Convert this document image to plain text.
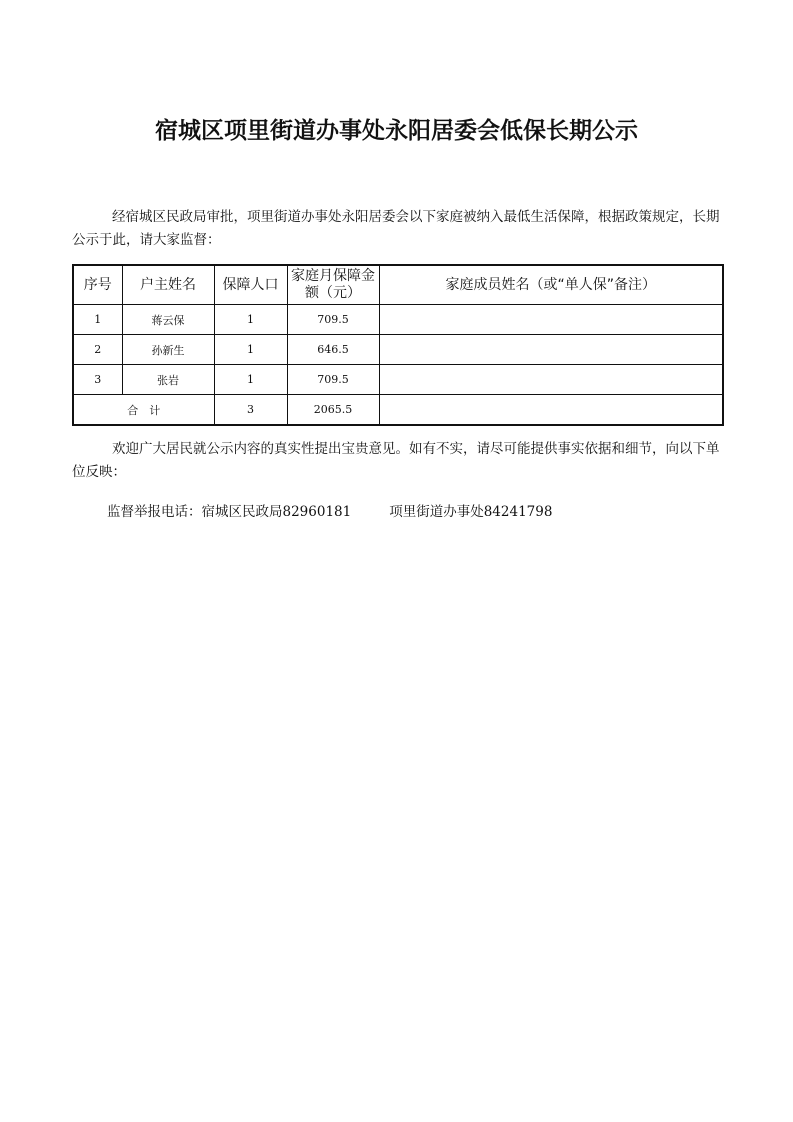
宿城区项里街道办事处永阳居委会低保长期公示

经宿城区民政局审批，项里街道办事处永阳居委会以下家庭被纳入最低生活保障，根据政策规定，长期公示于此，请大家监督：

序号	户主姓名	保障人口	家庭月保障金额（元）	家庭成员姓名（或“单人保”备注）
1	蒋云保	1	709.5	
2	孙新生	1	646.5	
3	张岩	1	709.5	
合　计		3	2065.5	

欢迎广大居民就公示内容的真实性提出宝贵意见。如有不实，请尽可能提供事实依据和细节，向以下单位反映：

监督举报电话：宿城区民政局82960181	项里街道办事处84241798
